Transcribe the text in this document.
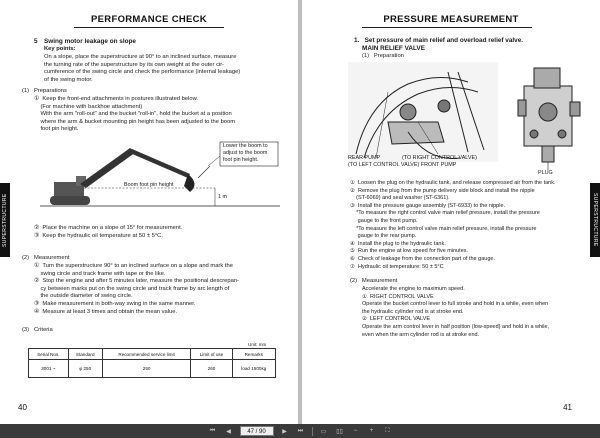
PERFORMANCE CHECK
5 Swing motor leakage on slope
Key points:
On a slope, place the superstructure at 90° to an inclined surface, measure
the turning rate of the superstructure by its own weight at the outer cir-
cumference of the swing circle and check the performance (internal leakage)
of the swing motor.
(1) Preparations
①  Keep the front-end attachments in postures illustrated below.
(For machine with backhoe attachment)
With the arm "roll-out" and the bucket "roll-in", hold the bucket at a position
where the arm & bucket mounting pin height has been adjusted to the boom
foot pin height.
Lower the boom to
adjust to the boom
foot pin height.
Boom foot pin height
1 m
②  Place the machine on a slope of 15° for measurement.
③  Keep the hydraulic oil temperature at 50 ± 5°C.
(2) Measurement
①  Turn the superstructure 90° to an inclined surface on a slope and mark the
swing circle and track frame with tape or the like.
②  Stop the engine and after 5 minutes later, measure the positional descrepan-
cy between marks put on the swing circle and track frame by arc length of
the outside diameter of swing circle.
③  Make measurement in both-way swing in the same manner.
④  Measure at least 3 times and obtain the mean value.
(3) Criteria
Unit: mm
Serial Nos.	Standard	Recommended service limit	Limit of use	Remarks
3001 ~	φ 250	250	260	load 1500kg
40
SUPERSTRUCTURE
PRESSURE MEASUREMENT
1.   Set pressure of main relief and overload relief valve.
MAIN RELIEF VALVE
(1)   Preparation
(TO RIGHT CONTROL VALVE)
REAR PUMP
(TO LEFT CONTROL VALVE) FRONT PUMP
PLUG
①  Loosen the plug on the hydraulic tank, and release compressed air from the tank.
②  Remove the plug from the pump delivery side block and install the nipple
(ST-6069) and seal washer (ST-6361).
③  Install the pressure gauge assembly (ST-6933) to the nipple.
*To measure the right control valve main relief pressure, install the pressure
gauge to the front pump.
*To measure the left control valve main relief pressure, install the pressure
gauge to the rear pump.
④  Install the plug to the hydraulic tank.
⑤  Run the engine at low speed for five minutes.
⑥  Check of leakage from the connection part of the gauge.
⑦  Hydraulic oil temperature: 50 ± 5°C
(2)   Measurement
Accelerate the engine to maximum speed.
①  RIGHT CONTROL VALVE
Operate the bucket control lever to full stroke and hold in a while, even when
the hydraulic cylinder rod is at stroke end.
②  LEFT CONTROL VALVE
Operate the arm control lever in half position (low-speed) and hold in a while,
even when the arm cylinder rod is at stroke end.
41
SUPERSTRUCTURE
⏮	◀	47 / 90	▶	⏭	▭	▯▯	−	+	⛶
